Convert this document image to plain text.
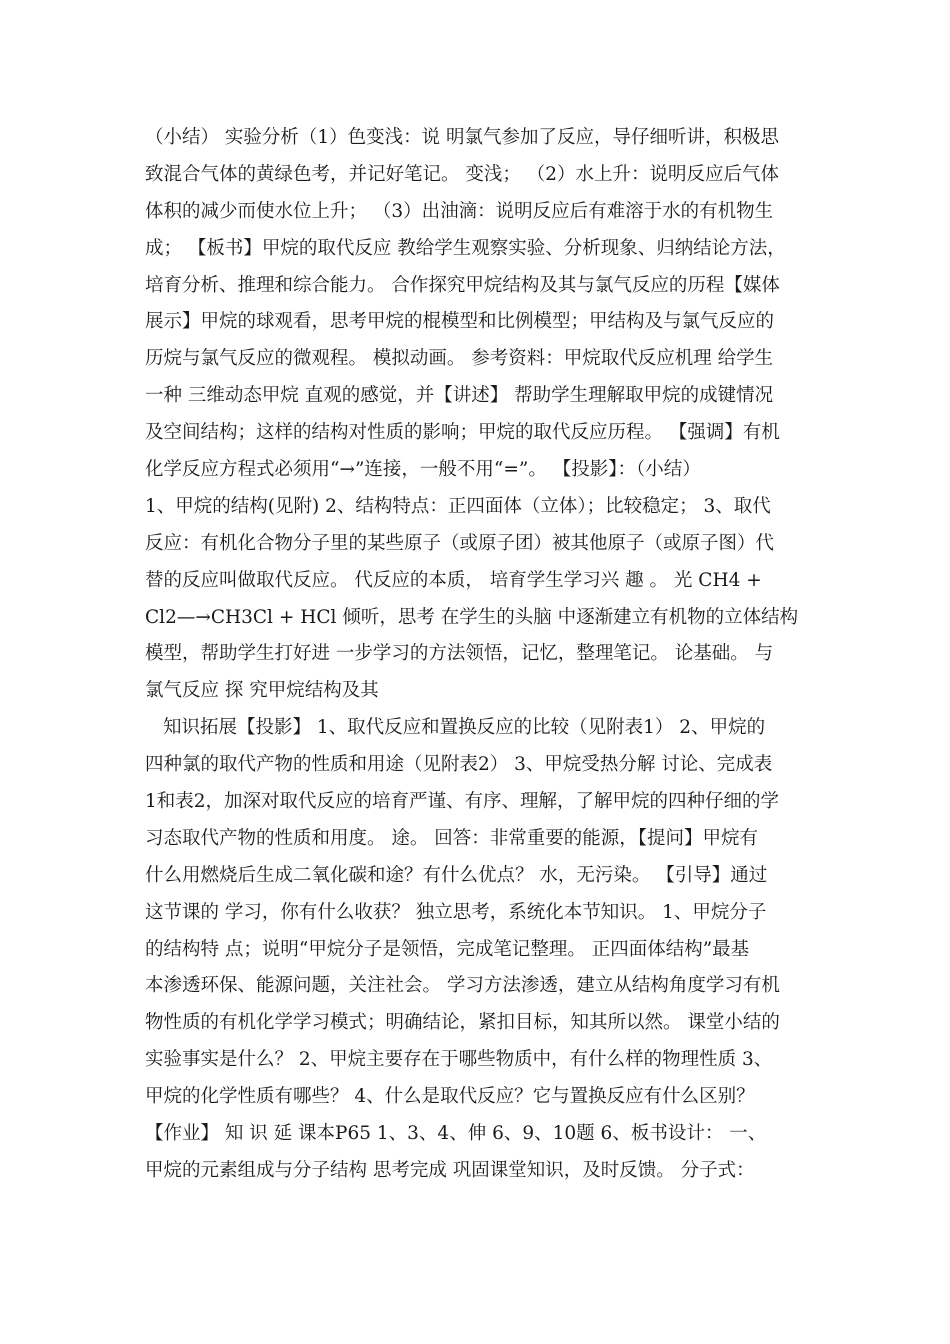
（小结） 实验分析（1）色变浅：说 明氯气参加了反应，导仔细听讲，积极思
致混合气体的黄绿色考，并记好笔记。 变浅； （2）水上升：说明反应后气体
体积的减少而使水位上升； （3）出油滴：说明反应后有难溶于水的有机物生
成； 【板书】甲烷的取代反应 教给学生观察实验、分析现象、归纳结论方法，
培育分析、推理和综合能力。 合作探究甲烷结构及其与氯气反应的历程【媒体
展示】甲烷的球观看，思考甲烷的棍模型和比例模型；甲结构及与氯气反应的
历烷与氯气反应的微观程。 模拟动画。 参考资料：甲烷取代反应机理 给学生
一种 三维动态甲烷 直观的感觉，并【讲述】 帮助学生理解取甲烷的成键情况
及空间结构；这样的结构对性质的影响；甲烷的取代反应历程。 【强调】有机
化学反应方程式必须用“→”连接，一般不用“=”。 【投影】：（小结）
1、甲烷的结构(见附) 2、结构特点：正四面体（立体）；比较稳定； 3、取代
反应：有机化合物分子里的某些原子（或原子团）被其他原子（或原子图）代
替的反应叫做取代反应。 代反应的本质， 培育学生学习兴 趣 。 光 CH4 +
Cl2—→CH3Cl + HCl 倾听，思考 在学生的头脑 中逐渐建立有机物的立体结构
模型，帮助学生打好进 一步学习的方法领悟，记忆，整理笔记。 论基础。 与
氯气反应 探 究甲烷结构及其
知识拓展【投影】 1、取代反应和置换反应的比较（见附表1） 2、甲烷的
四种氯的取代产物的性质和用途（见附表2） 3、甲烷受热分解 讨论、完成表
1和表2，加深对取代反应的培育严谨、有序、理解，了解甲烷的四种仔细的学
习态取代产物的性质和用度。 途。 回答：非常重要的能源，【提问】甲烷有
什么用燃烧后生成二氧化碳和途？有什么优点？ 水，无污染。 【引导】通过
这节课的 学习，你有什么收获？ 独立思考，系统化本节知识。 1、甲烷分子
的结构特 点；说明“甲烷分子是领悟，完成笔记整理。 正四面体结构”最基
本渗透环保、能源问题，关注社会。 学习方法渗透，建立从结构角度学习有机
物性质的有机化学学习模式；明确结论，紧扣目标，知其所以然。 课堂小结的
实验事实是什么？ 2、甲烷主要存在于哪些物质中，有什么样的物理性质 3、
甲烷的化学性质有哪些？ 4、什么是取代反应？它与置换反应有什么区别？
【作业】 知 识 延 课本P65 1、3、4、伸 6、9、10题 6、板书设计： 一、
甲烷的元素组成与分子结构 思考完成 巩固课堂知识，及时反馈。 分子式：
